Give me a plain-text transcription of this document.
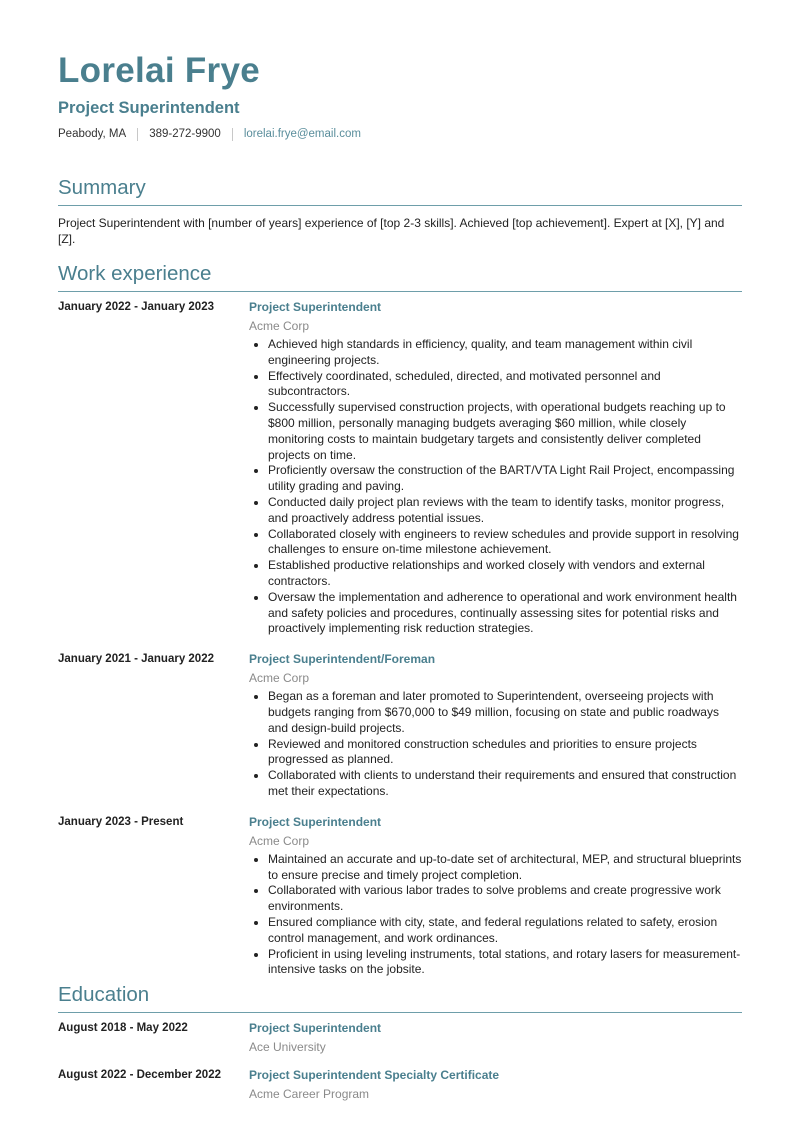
Lorelai Frye
Project Superintendent
Peabody, MA 389-272-9900 lorelai.frye@email.com
Summary
Project Superintendent with [number of years] experience of [top 2-3 skills]. Achieved [top achievement]. Expert at [X], [Y] and [Z].
Work experience
January 2022 - January 2023	Project Superintendent
Acme Corp
• Achieved high standards in efficiency, quality, and team management within civil engineering projects.
• Effectively coordinated, scheduled, directed, and motivated personnel and subcontractors.
• Successfully supervised construction projects, with operational budgets reaching up to $800 million, personally managing budgets averaging $60 million, while closely monitoring costs to maintain budgetary targets and consistently deliver completed projects on time.
• Proficiently oversaw the construction of the BART/VTA Light Rail Project, encompassing utility grading and paving.
• Conducted daily project plan reviews with the team to identify tasks, monitor progress, and proactively address potential issues.
• Collaborated closely with engineers to review schedules and provide support in resolving challenges to ensure on-time milestone achievement.
• Established productive relationships and worked closely with vendors and external contractors.
• Oversaw the implementation and adherence to operational and work environment health and safety policies and procedures, continually assessing sites for potential risks and proactively implementing risk reduction strategies.
January 2021 - January 2022	Project Superintendent/Foreman
Acme Corp
• Began as a foreman and later promoted to Superintendent, overseeing projects with budgets ranging from $670,000 to $49 million, focusing on state and public roadways and design-build projects.
• Reviewed and monitored construction schedules and priorities to ensure projects progressed as planned.
• Collaborated with clients to understand their requirements and ensured that construction met their expectations.
January 2023 - Present	Project Superintendent
Acme Corp
• Maintained an accurate and up-to-date set of architectural, MEP, and structural blueprints to ensure precise and timely project completion.
• Collaborated with various labor trades to solve problems and create progressive work environments.
• Ensured compliance with city, state, and federal regulations related to safety, erosion control management, and work ordinances.
• Proficient in using leveling instruments, total stations, and rotary lasers for measurement-intensive tasks on the jobsite.
Education
August 2018 - May 2022	Project Superintendent
Ace University
August 2022 - December 2022	Project Superintendent Specialty Certificate
Acme Career Program
